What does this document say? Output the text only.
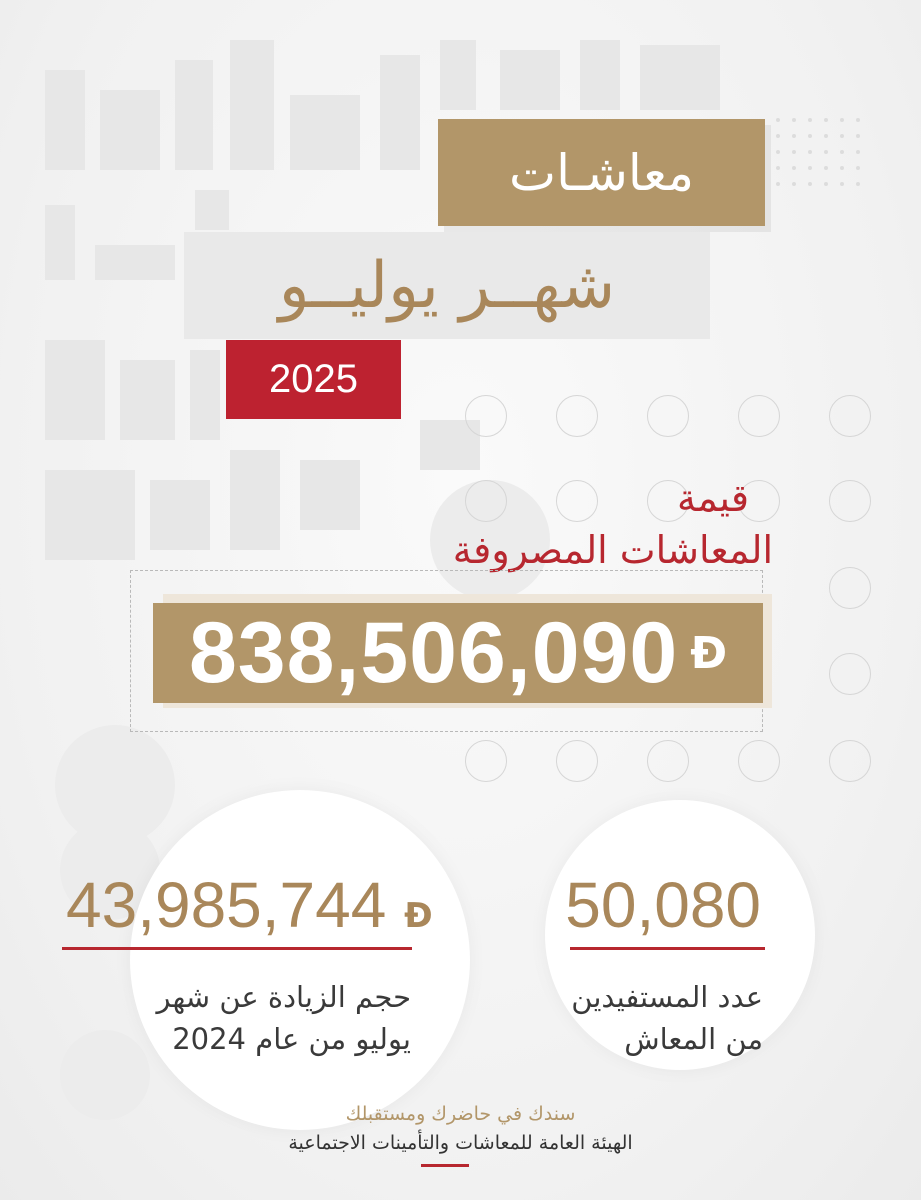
معاشـات
شهــر يوليــو
2025
قيمة
المعاشات المصروفة
838,506,090 Đ
43,985,744 Đ
حجم الزيادة عن شهر
يوليو من عام 2024
50,080
عدد المستفيدين
من المعاش
سندك في حاضرك ومستقبلك
الهيئة العامة للمعاشات والتأمينات الاجتماعية
